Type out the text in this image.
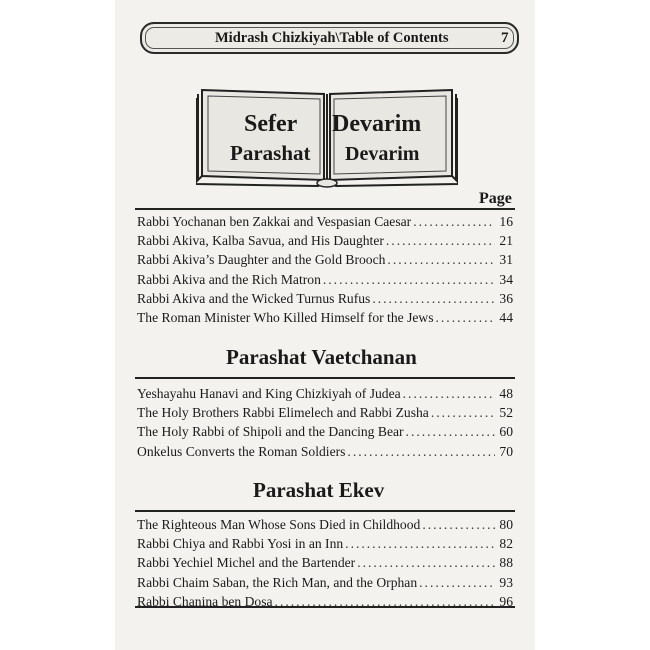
Midrash Chizkiyah\Table of Contents	7
Sefer Devarim
Parashat Devarim
Page
Rabbi Yochanan ben Zakkai and Vespasian Caesar .....	16
Rabbi Akiva, Kalba Savua, and His Daughter .....	21
Rabbi Akiva’s Daughter and the Gold Brooch .....	31
Rabbi Akiva and the Rich Matron .....	34
Rabbi Akiva and the Wicked Turnus Rufus .....	36
The Roman Minister Who Killed Himself for the Jews .....	44
Parashat Vaetchanan
Yeshayahu Hanavi and King Chizkiyah of Judea .....	48
The Holy Brothers Rabbi Elimelech and Rabbi Zusha .....	52
The Holy Rabbi of Shipoli and the Dancing Bear .....	60
Onkelus Converts the Roman Soldiers .....	70
Parashat Ekev
The Righteous Man Whose Sons Died in Childhood .....	80
Rabbi Chiya and Rabbi Yosi in an Inn .....	82
Rabbi Yechiel Michel and the Bartender .....	88
Rabbi Chaim Saban, the Rich Man, and the Orphan .....	93
Rabbi Chanina ben Dosa .....	96
